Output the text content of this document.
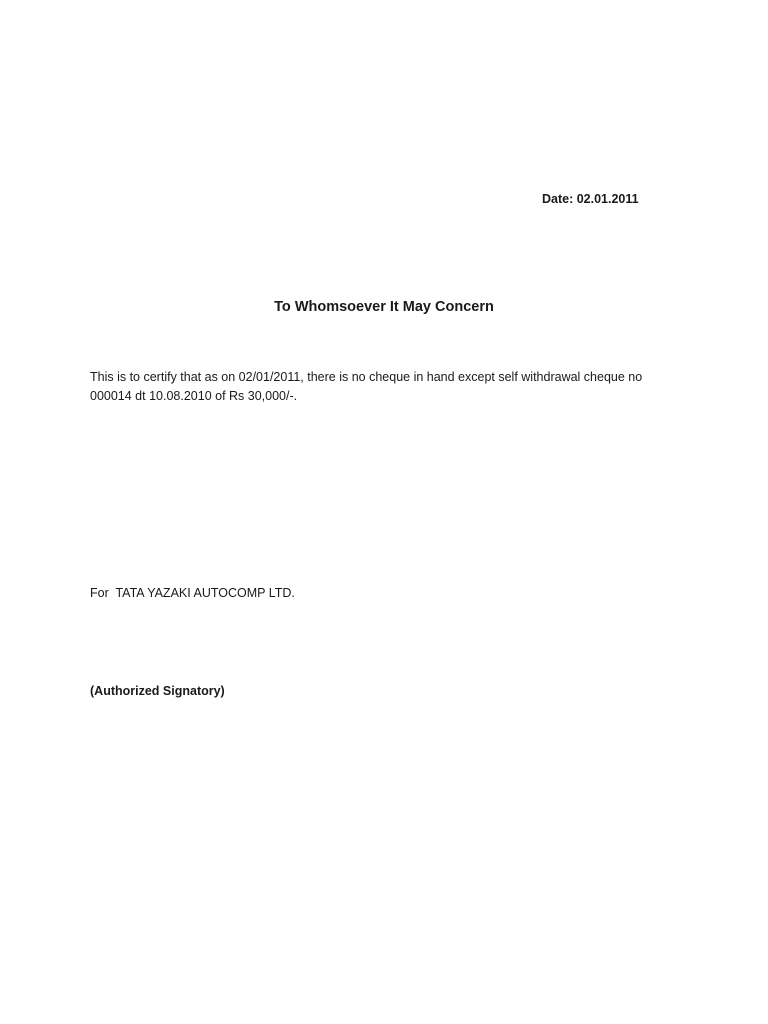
Date: 02.01.2011
To Whomsoever It May Concern
This is to certify that as on 02/01/2011, there is no cheque in hand except self withdrawal cheque no
000014 dt 10.08.2010 of Rs 30,000/-.
For  TATA YAZAKI AUTOCOMP LTD.
(Authorized Signatory)
